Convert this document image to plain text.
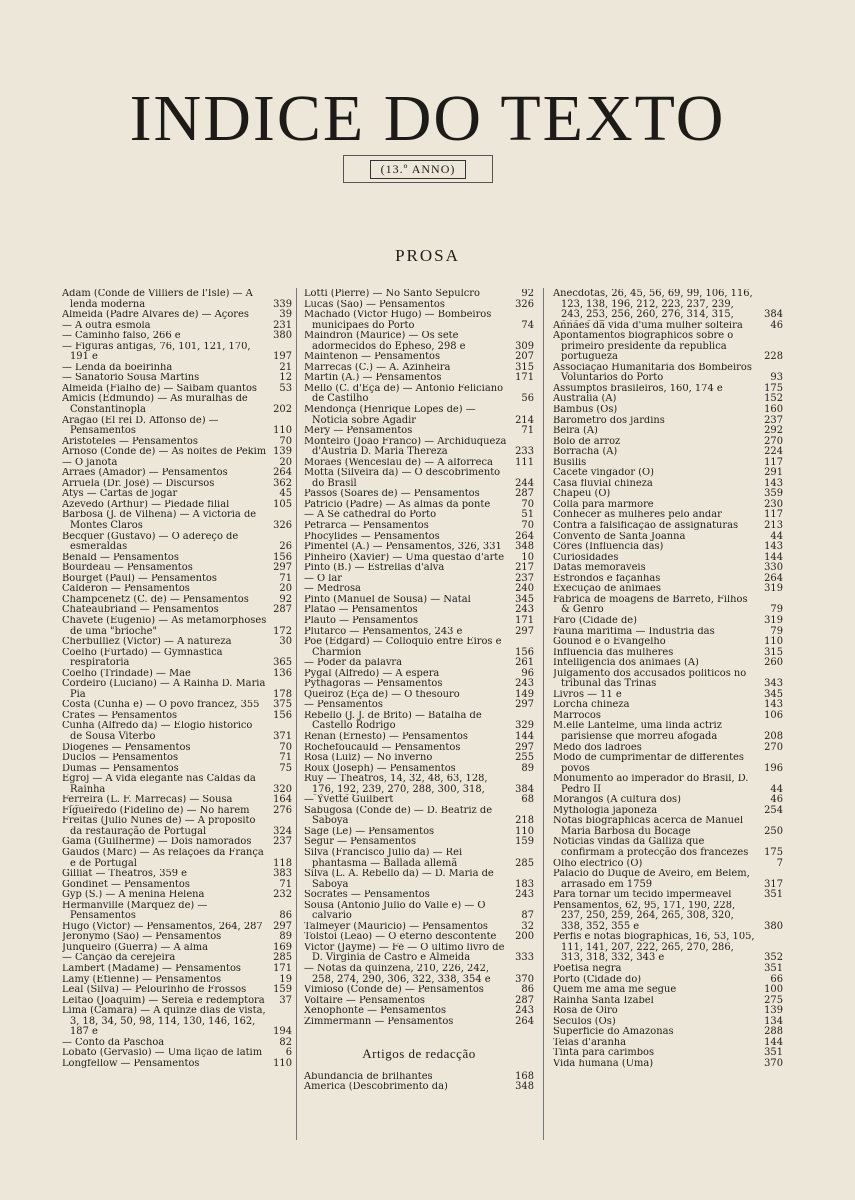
INDICE DO TEXTO
(13.º ANNO)
PROSA
Adam (Conde de Villiers de l'Isle) — A lenda moderna .....	339
Almeida (Padre Alvares de) — Açores .....	39
— A outra esmola .....	231
— Caminho falso, 266 e .....	380
— Figuras antigas, 76, 101, 121, 170, 191 e .....	197
— Lenda da boeirinha .....	21
— Sanatorio Sousa Martins .....	12
Almeida (Fialho de) — Saibam quantos .....	53
Amicis (Edmundo) — As muralhas de Constantinopla .....	202
Aragão (El rei D. Affonso de) — Pensamentos .....	110
Aristoteles — Pensamentos .....	70
Arnoso (Conde de) — As noites de Pekim ..... 139
— O janota .....	20
Arraes (Amador) — Pensamentos .....	264
Arruela (Dr. José) — Discursos .....	362
Atys — Cartas de jogar .....	45
Azevedo (Arthur) — Piedade filial .....	105
Barbosa (J. de Vilhena) — A victoria de Montes Claros .....	326
Becquer (Gustavo) — O adereço de esmeraldas .....	26
Benald — Pensamentos .....	156
Bourdeau — Pensamentos .....	297
Bourget (Paul) — Pensamentos .....	71
Calderon — Pensamentos .....	20
Champcenetz (C. de) — Pensamentos .....	92
Chateaubriand — Pensamentos .....	287
Chavete (Eugenio) — As metamorphoses de uma "brioche" .....	172
Cherbulliez (Victor) — A natureza .....	30
Coelho (Furtado) — Gymnastica respiratoria .....	365
Coelho (Trindade) — Mãe .....	136
Cordeiro (Luciano) — A Rainha D. Maria Pia .....	178
Costa (Cunha e) — O povo francez, 355 .....	375
Crates — Pensamentos .....	156
Cunha (Alfredo da) — Elogio historico de Sousa Viterbo .....	371
Diogenes — Pensamentos .....	70
Duclos — Pensamentos .....	71
Dumas — Pensamentos .....	75
Egroj — A vida elegante nas Caldas da Rainha .....	320
Ferreira (L. F. Marrecas) — Sousa .....	164
Figueiredo (Fidelino de) — No harem .....	276
Freitas (Julio Nunes de) — A proposito da restauração de Portugal .....	324
Gama (Guilherme) — Dois namorados .....	237
Gaudos (Marc) — As relações da França e de Portugal .....	118
Gilliat — Theatros, 359 e .....	383
Gondinet — Pensamentos .....	71
Gyp (S.) — A menina Helena .....	232
Hermanville (Marquez de) — Pensamentos .....	86
Hugo (Victor) — Pensamentos, 264, 287 .....	297
Jeronymo (São) — Pensamentos .....	89
Junqueiro (Guerra) — A alma .....	169
— Canção da cerejeira .....	285
Lambert (Madame) — Pensamentos .....	171
Lamy (Etienne) — Pensamentos .....	19
Leal (Silva) — Pelourinho de Frossos .....	159
Leitão (Joaquim) — Sereia e redemptora .....	37
Lima (Camara) — A quinze dias de vista, 3, 18, 34, 50, 98, 114, 130, 146, 162, 187 e .....	194
— Conto da Paschoa .....	82
Lobato (Gervasio) — Uma lição de latim .....	6
Longfellow — Pensamentos .....	110
Lotti (Pierre) — No Santo Sepulcro .....	92
Lucas (São) — Pensamentos .....	326
Machado (Victor Hugo) — Bombeiros municipaes do Porto .....	74
Maindron (Maurice) — Os sete adormecidos do Epheso, 298 e .....	309
Maintenon — Pensamentos .....	207
Marrecas (C.) — A. Azinheira .....	315
Martin (A.) — Pensamentos .....	171
Mello (C. d'Eça de) — Antonio Feliciano de Castilho .....	56
Mendonça (Henrique Lopes de) — Noticia sobre Agadir .....	214
Mery — Pensamentos .....	71
Monteiro (João Franco) — Archiduqueza d'Austria D. Maria Thereza .....	233
Moraes (Wenceslau de) — A alforreca .....	111
Motta (Silveira da) — O descobrimento do Brasil .....	244
Passos (Soares de) — Pensamentos .....	287
Patricio (Padre) — As almas da ponte .....	70
— A Sé cathedral do Porto .....	51
Petrarca — Pensamentos .....	70
Phocylides — Pensamentos .....	264
Pimentel (A.) — Pensamentos, 326, 331 .....	348
Pinheiro (Xavier) — Uma questão d'arte .....	10
Pinto (B.) — Estrellas d'alva .....	217
— O lar .....	237
— Medrosa .....	240
Pinto (Manuel de Sousa) — Natal .....	345
Platão — Pensamentos .....	243
Plauto — Pensamentos .....	171
Plutarco — Pensamentos, 243 e .....	297
Poe (Edgard) — Colloquio entre Eiros e Charmion .....	156
— Poder da palavra .....	261
Pygal (Alfredo) — A espera .....	96
Pythagoras — Pensamentos .....	243
Queiroz (Eça de) — O thesouro .....	149
— Pensamentos .....	297
Rebello (J. J. de Brito) — Batalha de Castello Rodrigo .....	329
Renan (Ernesto) — Pensamentos .....	144
Rochefoucauld — Pensamentos .....	297
Rosa (Luiz) — No inverno .....	255
Roux (Joseph) — Pensamentos .....	89
Ruy — Theatros, 14, 32, 48, 63, 128, 176, 192, 239, 270, 288, 300, 318, .....	384
— Yvette Guilbert .....	68
Sabugosa (Conde de) — D. Beatriz de Saboya .....	218
Sage (Le) — Pensamentos .....	110
Segur — Pensamentos .....	159
Silva (Francisco Julio da) — Rei phantasma — Ballada allemã .....	285
Silva (L. A. Rebello da) — D. Maria de Saboya .....	183
Socrates — Pensamentos .....	243
Sousa (Antonio Julio do Valle e) — O calvario .....	87
Talmeyer (Mauricio) — Pensamentos .....	32
Tolstoi (Leão) — O eterno descontente .....	200
Victor (Jayme) — Fé — O ultimo livro de D. Virginia de Castro e Almeida .....	333
— Notas da quinzena, 210, 226, 242, 258, 274, 290, 306, 322, 338, 354 e .....	370
Vimioso (Conde de) — Pensamentos .....	86
Voltaire — Pensamentos .....	287
Xenophonte — Pensamentos .....	243
Zimmermann — Pensamentos .....	264
Artigos de redacção
Abundancia de brilhantes .....	168
America (Descobrimento da) .....	348
Anecdotas, 26, 45, 56, 69, 99, 106, 116, 123, 138, 196, 212, 223, 237, 239, 243, 253, 256, 260, 276, 314, 315, .....	384
Annaes da vida d'uma mulher solteira .....	46
Apontamentos biographicos sobre o primeiro presidente da republica portugueza .....	228
Associação Humanitaria dos Bombeiros Voluntarios do Porto .....	93
Assumptos brasileiros, 160, 174 e .....	175
Australia (A) .....	152
Bambus (Os) .....	160
Barometro dos jardins .....	237
Beira (A) .....	292
Bolo de arroz .....	270
Borracha (A) .....	224
Busilis .....	117
Cacete vingador (O) .....	291
Casa fluvial chineza .....	143
Chapeu (O) .....	359
Colla para marmore .....	230
Conhecer as mulheres pelo andar .....	117
Contra a falsificação de assignaturas .....	213
Convento de Santa Joanna .....	44
Côres (Influencia das) .....	143
Curiosidades .....	144
Datas memoraveis .....	330
Estrondos e façanhas .....	264
Execução de animaes .....	319
Fabrica de moagens de Barreto, Filhos & Genro .....	79
Faro (Cidade de) .....	319
Fauna maritima — Industria das .....	79
Gounod e o Evangelho .....	110
Influencia das mulheres .....	315
Intelligencia dos animaes (A) .....	260
Julgamento dos accusados politicos no tribunal das Trinas .....	343
Livros — 11 e .....	345
Lorcha chineza .....	143
Marrocos .....	106
M.elle Lantelme, uma linda actriz parisiense que morreu afogada .....	208
Medo dos ladrões .....	270
Modo de cumprimentar de differentes povos .....	196
Monumento ao imperador do Brasil, D. Pedro II .....	44
Morangos (A cultura dos) .....	46
Mythologia japoneza .....	254
Notas biographicas acerca de Manuel Maria Barbosa du Bocage .....	250
Noticias vindas da Galliza que confirmam a protecção dos francezes .....	175
Olho electrico (O) .....	7
Palacio do Duque de Aveiro, em Belem, arrasado em 1759 .....	317
Para tornar um tecido impermeavel .....	351
Pensamentos, 62, 95, 171, 190, 228, 237, 250, 259, 264, 265, 308, 320, 338, 352, 355 e .....	380
Perfis e notas biographicas, 16, 53, 105, 111, 141, 207, 222, 265, 270, 286, 313, 318, 332, 343 e .....	352
Poetisa negra .....	351
Porto (Cidade do) .....	66
Quem me ama me segue .....	100
Rainha Santa Izabel .....	275
Rosa de Oiro .....	139
Seculos (Os) .....	134
Superficie do Amazonas .....	288
Teias d'aranha .....	144
Tinta para carimbos .....	351
Vida humana (Uma) .....	370
